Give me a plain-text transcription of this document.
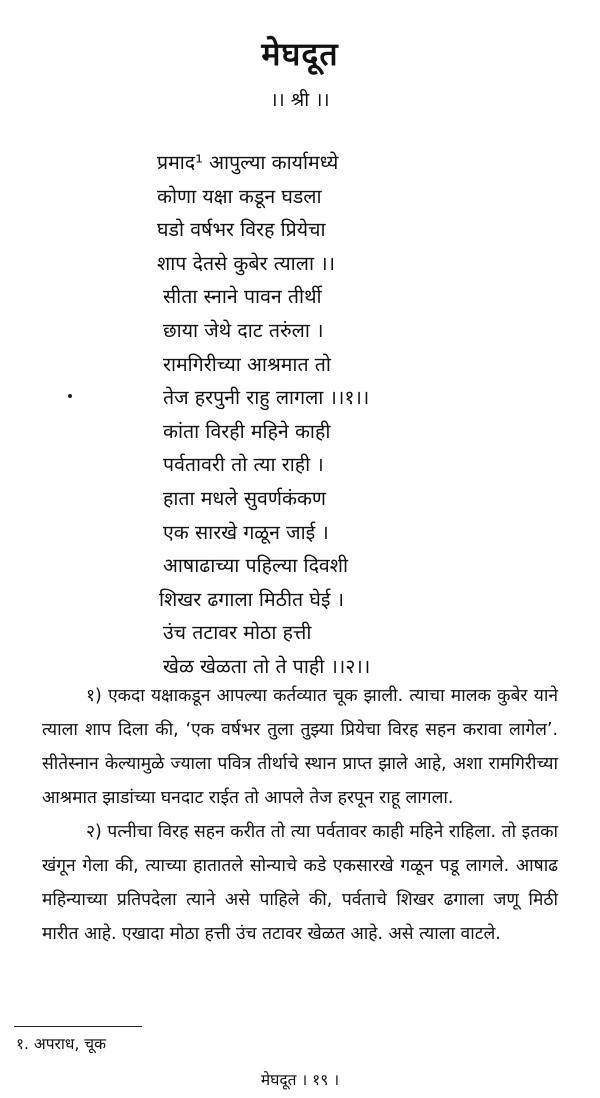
मेघदूत
।। श्री ।।
प्रमाद¹ आपुल्या कार्यामध्ये
कोणा यक्षा कडून घडला
घडो वर्षभर विरह प्रियेचा
शाप देतसे कुबेर त्याला ।।
सीता स्नाने पावन तीर्थी
छाया जेथे दाट तरुंला ।
रामगिरीच्या आश्रमात तो
तेज हरपुनी राहु लागला ।।१।।
कांता विरही महिने काही
पर्वतावरी तो त्या राही ।
हाता मधले सुवर्णकंकण
एक सारखे गळून जाई ।
आषाढाच्या पहिल्या दिवशी
शिखर ढगाला मिठीत घेई ।
उंच तटावर मोठा हत्ती
खेळ खेळता तो ते पाही ।।२।।

१) एकदा यक्षाकडून आपल्या कर्तव्यात चूक झाली. त्याचा मालक कुबेर याने त्याला शाप दिला की, ‘एक वर्षभर तुला तुझ्या प्रियेचा विरह सहन करावा लागेल’. सीतेस्नान केल्यामुळे ज्याला पवित्र तीर्थाचे स्थान प्राप्त झाले आहे, अशा रामगिरीच्या आश्रमात झाडांच्या घनदाट राईत तो आपले तेज हरपून राहू लागला.

२) पत्नीचा विरह सहन करीत तो त्या पर्वतावर काही महिने राहिला. तो इतका खंगून गेला की, त्याच्या हातातले सोन्याचे कडे एकसारखे गळून पडू लागले. आषाढ महिन्याच्या प्रतिपदेला त्याने असे पाहिले की, पर्वताचे शिखर ढगाला जणू मिठी मारीत आहे. एखादा मोठा हत्ती उंच तटावर खेळत आहे. असे त्याला वाटले.

१. अपराध, चूक
मेघदूत । १९ ।
